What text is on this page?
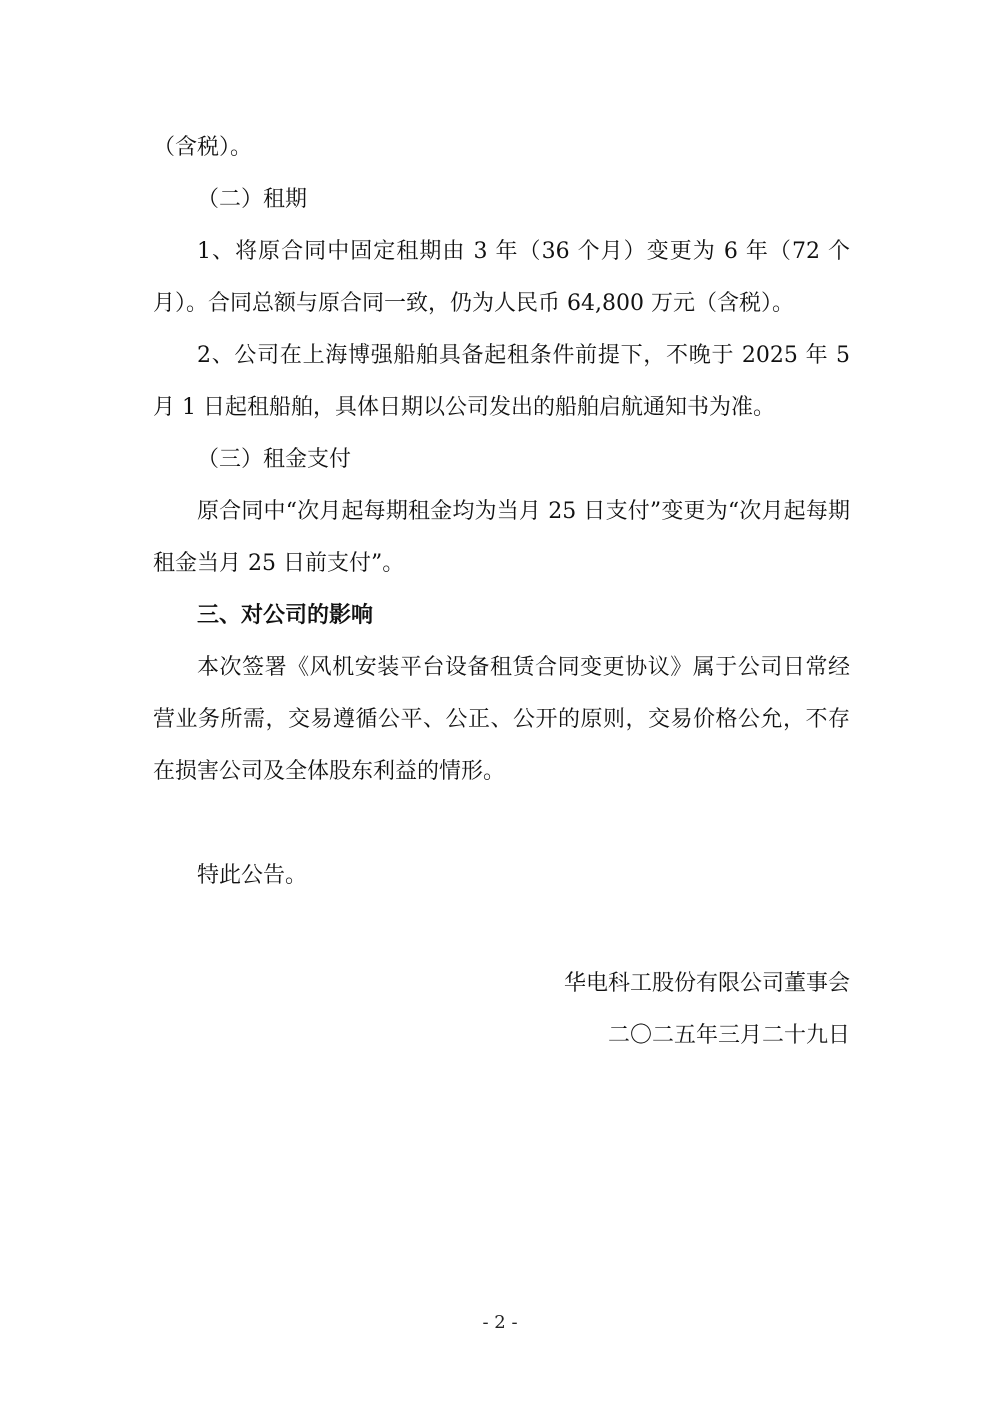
（含税）。

（二）租期

1、将原合同中固定租期由 3 年（36 个月）变更为 6 年（72 个月）。合同总额与原合同一致，仍为人民币 64,800 万元（含税）。

2、公司在上海博强船舶具备起租条件前提下，不晚于 2025 年 5 月 1 日起租船舶，具体日期以公司发出的船舶启航通知书为准。

（三）租金支付

原合同中“次月起每期租金均为当月 25 日支付”变更为“次月起每期租金当月 25 日前支付”。

三、对公司的影响

本次签署《风机安装平台设备租赁合同变更协议》属于公司日常经营业务所需，交易遵循公平、公正、公开的原则，交易价格公允，不存在损害公司及全体股东利益的情形。

特此公告。

华电科工股份有限公司董事会
二〇二五年三月二十九日
- 2 -
